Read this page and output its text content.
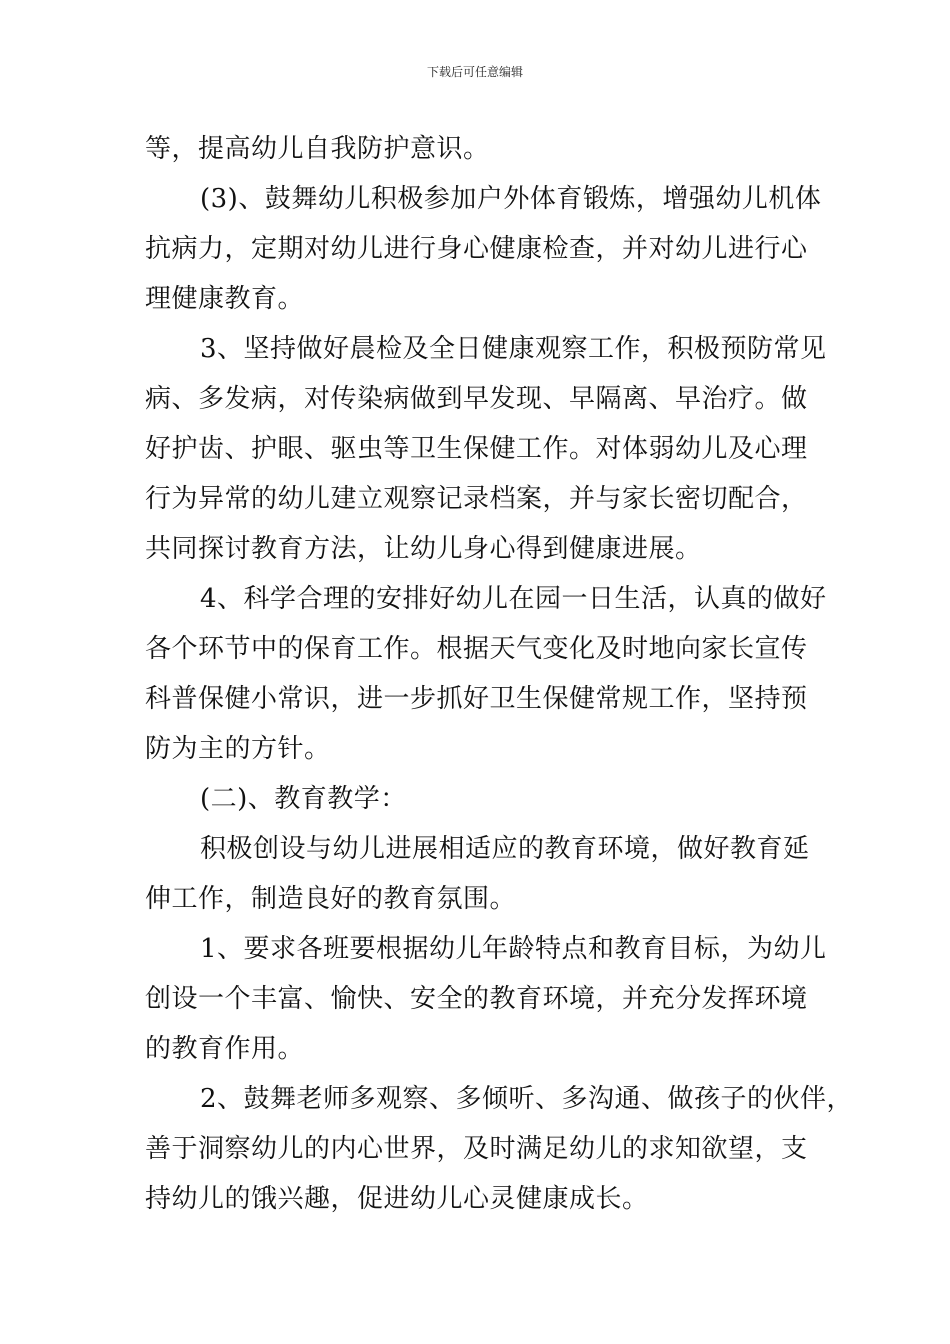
下载后可任意编辑
等，提高幼儿自我防护意识。
(3)、鼓舞幼儿积极参加户外体育锻炼，增强幼儿机体
抗病力，定期对幼儿进行身心健康检查，并对幼儿进行心
理健康教育。
3、坚持做好晨检及全日健康观察工作，积极预防常见
病、多发病，对传染病做到早发现、早隔离、早治疗。做
好护齿、护眼、驱虫等卫生保健工作。对体弱幼儿及心理
行为异常的幼儿建立观察记录档案，并与家长密切配合，
共同探讨教育方法，让幼儿身心得到健康进展。
4、科学合理的安排好幼儿在园一日生活，认真的做好
各个环节中的保育工作。根据天气变化及时地向家长宣传
科普保健小常识，进一步抓好卫生保健常规工作，坚持预
防为主的方针。
(二)、教育教学：
积极创设与幼儿进展相适应的教育环境，做好教育延
伸工作，制造良好的教育氛围。
1、要求各班要根据幼儿年龄特点和教育目标，为幼儿
创设一个丰富、愉快、安全的教育环境，并充分发挥环境
的教育作用。
2、鼓舞老师多观察、多倾听、多沟通、做孩子的伙伴，
善于洞察幼儿的内心世界，及时满足幼儿的求知欲望，支
持幼儿的饿兴趣，促进幼儿心灵健康成长。
